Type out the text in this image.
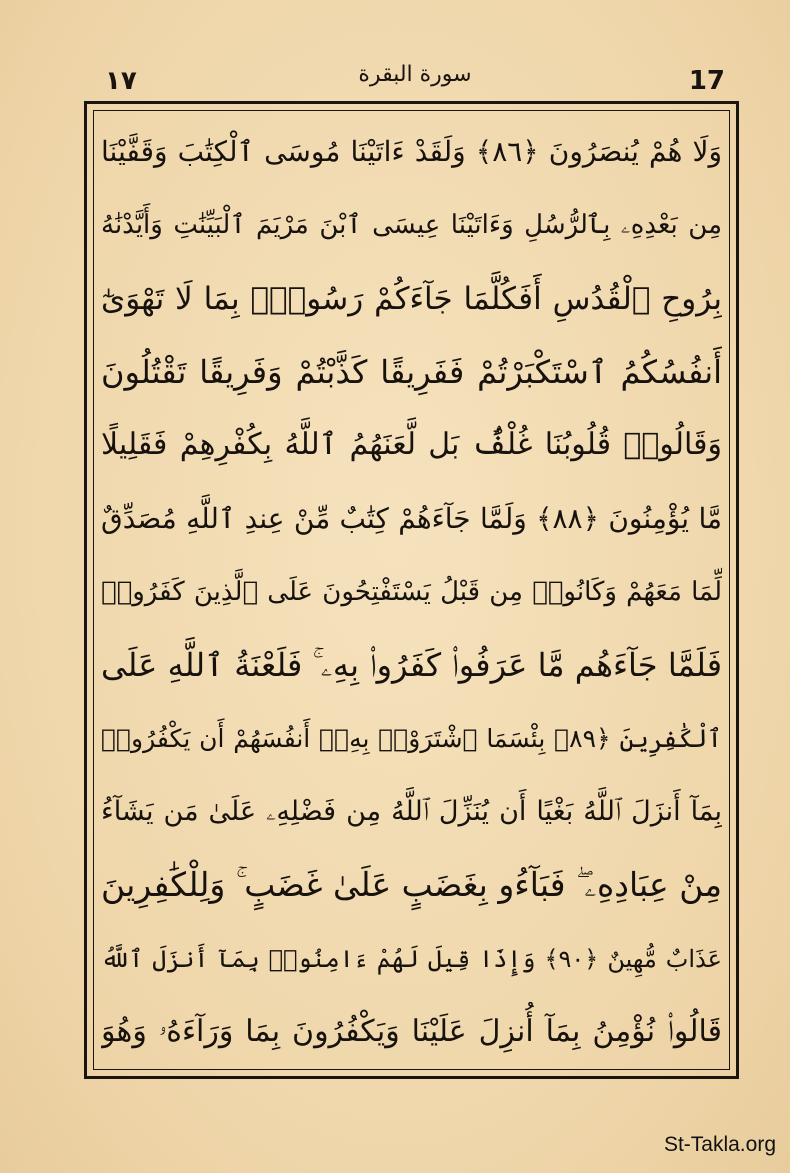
١٧	سورة البقرة	17
وَلَا هُمْ يُنصَرُونَ ﴿٨٦﴾ وَلَقَدْ ءَاتَيْنَا مُوسَى ٱلْكِتَٰبَ وَقَفَّيْنَا
مِن بَعْدِهِۦ بِٱلرُّسُلِ وَءَاتَيْنَا عِيسَى ٱبْنَ مَرْيَمَ ٱلْبَيِّنَٰتِ وَأَيَّدْنَٰهُ
بِرُوحِ ٱلْقُدُسِ أَفَكُلَّمَا جَآءَكُمْ رَسُولٌۢ بِمَا لَا تَهْوَىٰٓ
أَنفُسُكُمُ ٱسْتَكْبَرْتُمْ فَفَرِيقًا كَذَّبْتُمْ وَفَرِيقًا تَقْتُلُونَ
وَقَالُوا۟ قُلُوبُنَا غُلْفٌۢ بَل لَّعَنَهُمُ ٱللَّهُ بِكُفْرِهِمْ فَقَلِيلًا
مَّا يُؤْمِنُونَ ﴿٨٨﴾ وَلَمَّا جَآءَهُمْ كِتَٰبٌ مِّنْ عِندِ ٱللَّهِ مُصَدِّقٌ
لِّمَا مَعَهُمْ وَكَانُوا۟ مِن قَبْلُ يَسْتَفْتِحُونَ عَلَى ٱلَّذِينَ كَفَرُوا۟
فَلَمَّا جَآءَهُم مَّا عَرَفُوا۟ كَفَرُوا۟ بِهِۦ ۚ فَلَعْنَةُ ٱللَّهِ عَلَى
ٱلْكَٰفِرِينَ ﴿٨٩﴾ بِئْسَمَا ٱشْتَرَوْا۟ بِهِۦٓ أَنفُسَهُمْ أَن يَكْفُرُوا۟
بِمَآ أَنزَلَ ٱللَّهُ بَغْيًا أَن يُنَزِّلَ ٱللَّهُ مِن فَضْلِهِۦ عَلَىٰ مَن يَشَآءُ
مِنْ عِبَادِهِۦ ۖ فَبَآءُو بِغَضَبٍ عَلَىٰ غَضَبٍ ۚ وَلِلْكَٰفِرِينَ
عَذَابٌ مُّهِينٌ ﴿٩٠﴾ وَإِذَا قِيلَ لَهُمْ ءَامِنُوا۟ بِمَآ أَنزَلَ ٱللَّهُ
قَالُوا۟ نُؤْمِنُ بِمَآ أُنزِلَ عَلَيْنَا وَيَكْفُرُونَ بِمَا وَرَآءَهُۥ وَهُوَ
St-Takla.org
